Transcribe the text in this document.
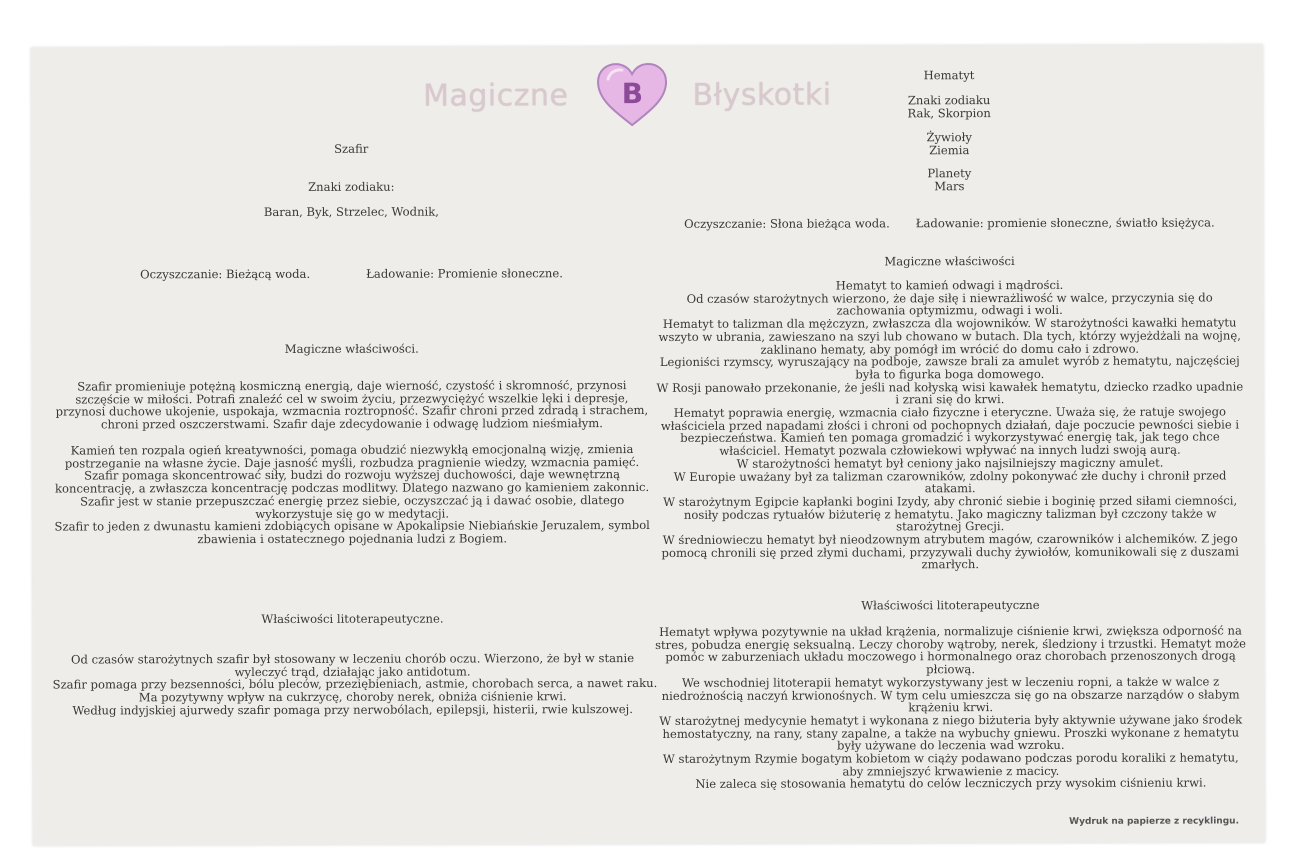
Magiczne	B	Błyskotki
Szafir
Znaki zodiaku:
Baran, Byk, Strzelec, Wodnik,
Oczyszczanie: Bieżącą woda.	Ładowanie: Promienie słoneczne.
Magiczne właściwości.
Szafir promieniuje potężną kosmiczną energią, daje wierność, czystość i skromność, przynosi
szczęście w miłości. Potrafi znaleźć cel w swoim życiu, przezwyciężyć wszelkie lęki i depresje,
przynosi duchowe ukojenie, uspokaja, wzmacnia roztropność. Szafir chroni przed zdradą i strachem,
chroni przed oszczerstwami. Szafir daje zdecydowanie i odwagę ludziom nieśmiałym.
Kamień ten rozpala ogień kreatywności, pomaga obudzić niezwykłą emocjonalną wizję, zmienia
postrzeganie na własne życie. Daje jasność myśli, rozbudza pragnienie wiedzy, wzmacnia pamięć.
Szafir pomaga skoncentrować siły, budzi do rozwoju wyższej duchowości, daje wewnętrzną
koncentrację, a zwłaszcza koncentrację podczas modlitwy. Dlatego nazwano go kamieniem zakonnic.
Szafir jest w stanie przepuszczać energię przez siebie, oczyszczać ją i dawać osobie, dlatego
wykorzystuje się go w medytacji.
Szafir to jeden z dwunastu kamieni zdobiących opisane w Apokalipsie Niebiańskie Jeruzalem, symbol
zbawienia i ostatecznego pojednania ludzi z Bogiem.
Właściwości litoterapeutyczne.
Od czasów starożytnych szafir był stosowany w leczeniu chorób oczu. Wierzono, że był w stanie
wyleczyć trąd, działając jako antidotum.
Szafir pomaga przy bezsenności, bólu pleców, przeziębieniach, astmie, chorobach serca, a nawet raku.
Ma pozytywny wpływ na cukrzycę, choroby nerek, obniża ciśnienie krwi.
Według indyjskiej ajurwedy szafir pomaga przy nerwobólach, epilepsji, histerii, rwie kulszowej.
Hematyt
Znaki zodiaku
Rak, Skorpion
Żywioły
Ziemia
Planety
Mars
Oczyszczanie: Słona bieżąca woda. Ładowanie: promienie słoneczne, światło księżyca.
Magiczne właściwości
Hematyt to kamień odwagi i mądrości.
Od czasów starożytnych wierzono, że daje siłę i niewrażliwość w walce, przyczynia się do
zachowania optymizmu, odwagi i woli.
Hematyt to talizman dla mężczyzn, zwłaszcza dla wojowników. W starożytności kawałki hematytu
wszyto w ubrania, zawieszano na szyi lub chowano w butach. Dla tych, którzy wyjeżdżali na wojnę,
zaklinano hematy, aby pomógł im wrócić do domu cało i zdrowo.
Legioniści rzymscy, wyruszający na podboje, zawsze brali za amulet wyrób z hematytu, najczęściej
była to figurka boga domowego.
W Rosji panowało przekonanie, że jeśli nad kołyską wisi kawałek hematytu, dziecko rzadko upadnie
i zrani się do krwi.
Hematyt poprawia energię, wzmacnia ciało fizyczne i eteryczne. Uważa się, że ratuje swojego
właściciela przed napadami złości i chroni od pochopnych działań, daje poczucie pewności siebie i
bezpieczeństwa. Kamień ten pomaga gromadzić i wykorzystywać energię tak, jak tego chce
właściciel. Hematyt pozwala człowiekowi wpływać na innych ludzi swoją aurą.
W starożytności hematyt był ceniony jako najsilniejszy magiczny amulet.
W Europie uważany był za talizman czarowników, zdolny pokonywać złe duchy i chronił przed
atakami.
W starożytnym Egipcie kapłanki bogini Izydy, aby chronić siebie i boginię przed siłami ciemności,
nosiły podczas rytuałów biżuterię z hematytu. Jako magiczny talizman był czczony także w
starożytnej Grecji.
W średniowieczu hematyt był nieodzownym atrybutem magów, czarowników i alchemików. Z jego
pomocą chronili się przed złymi duchami, przyzywali duchy żywiołów, komunikowali się z duszami
zmarłych.
Właściwości litoterapeutyczne
Hematyt wpływa pozytywnie na układ krążenia, normalizuje ciśnienie krwi, zwiększa odporność na
stres, pobudza energię seksualną. Leczy choroby wątroby, nerek, śledziony i trzustki. Hematyt może
pomóc w zaburzeniach układu moczowego i hormonalnego oraz chorobach przenoszonych drogą
płciową.
We wschodniej litoterapii hematyt wykorzystywany jest w leczeniu ropni, a także w walce z
niedrożnością naczyń krwionośnych. W tym celu umieszcza się go na obszarze narządów o słabym
krążeniu krwi.
W starożytnej medycynie hematyt i wykonana z niego biżuteria były aktywnie używane jako środek
hemostatyczny, na rany, stany zapalne, a także na wybuchy gniewu. Proszki wykonane z hematytu
były używane do leczenia wad wzroku.
W starożytnym Rzymie bogatym kobietom w ciąży podawano podczas porodu koraliki z hematytu,
aby zmniejszyć krwawienie z macicy.
Nie zaleca się stosowania hematytu do celów leczniczych przy wysokim ciśnieniu krwi.
Wydruk na papierze z recyklingu.
